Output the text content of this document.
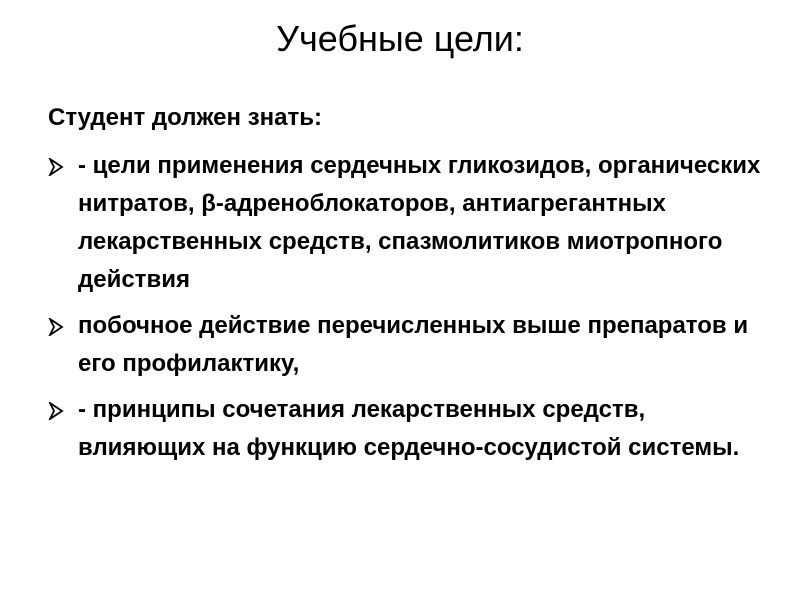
Учебные цели:

Студент должен знать:

- цели применения сердечных гликозидов, органических нитратов, β-адреноблокаторов, антиагрегантных лекарственных средств, спазмолитиков миотропного действия
побочное действие перечисленных выше препаратов и его профилактику,
- принципы сочетания лекарственных средств, влияющих на функцию сердечно-сосудистой системы.
